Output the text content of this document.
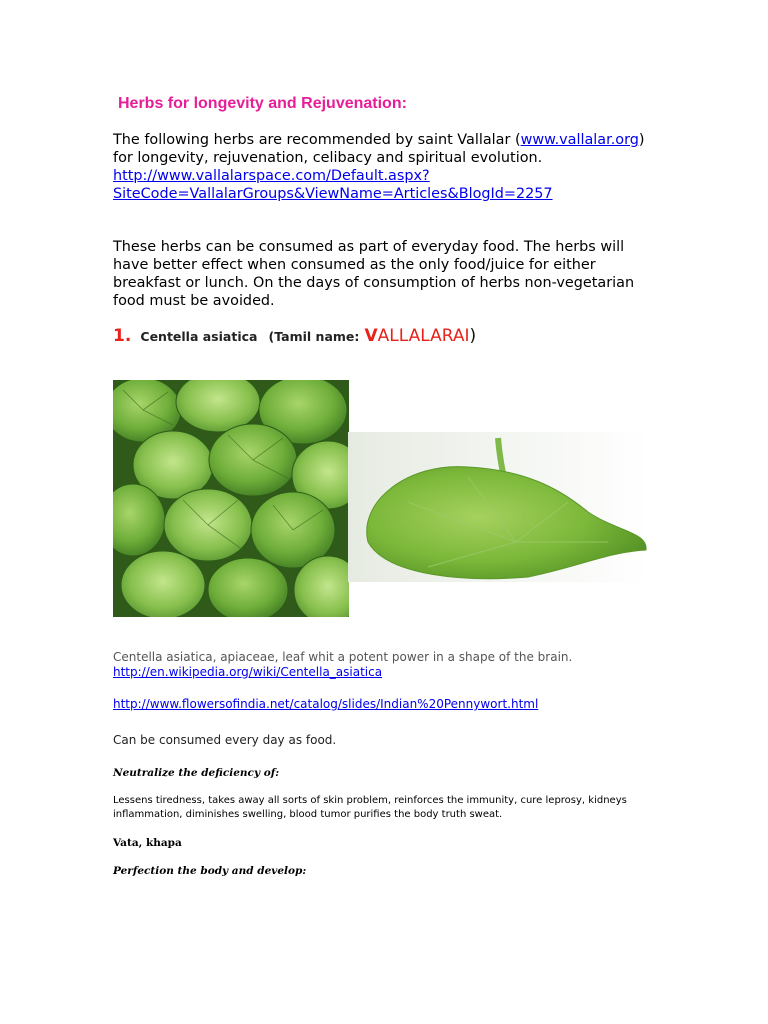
Herbs for longevity and Rejuvenation:

The following herbs are recommended by saint Vallalar (www.vallalar.org) for longevity, rejuvenation, celibacy and spiritual evolution.
http://www.vallalarspace.com/Default.aspx?
SiteCode=VallalarGroups&ViewName=Articles&BlogId=2257

These herbs can be consumed as part of everyday food. The herbs will have better effect when consumed as the only food/juice for either breakfast or lunch. On the days of consumption of herbs non-vegetarian food must be avoided.

1. Centella asiatica (Tamil name: VALLALARAI)

Centella asiatica, apiaceae, leaf whit a potent power in a shape of the brain.

http://en.wikipedia.org/wiki/Centella_asiatica

http://www.flowersofindia.net/catalog/slides/Indian%20Pennywort.html

Can be consumed every day as food.

Neutralize the deficiency of:

Lessens tiredness, takes away all sorts of skin problem, reinforces the immunity, cure leprosy, kidneys inflammation, diminishes swelling, blood tumor purifies the body truth sweat.

Vata, khapa

Perfection the body and develop:
